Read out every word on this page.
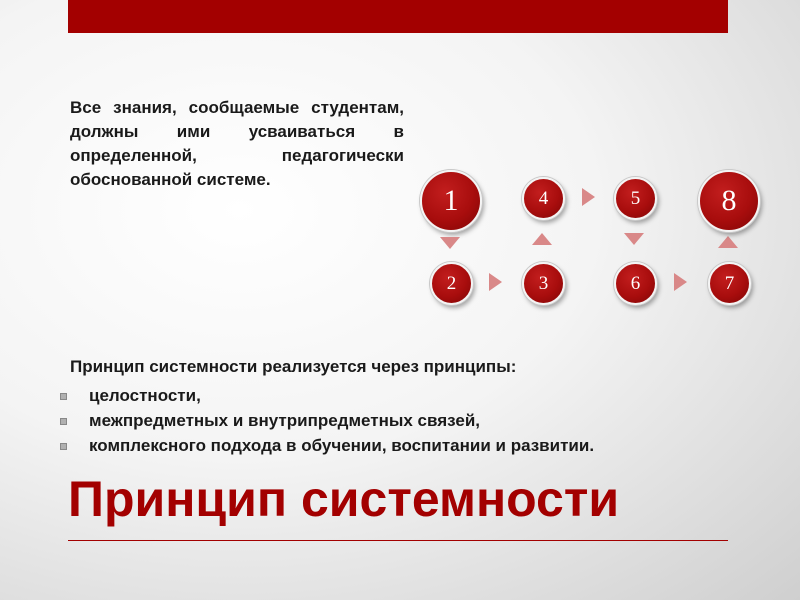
Все знания, сообщаемые студентам, должны ими усваиваться в определенной, педагогически обоснованной системе.

1
2	3
4	5
6	7
8

Принцип системности реализуется через принципы:

целостности,
межпредметных и внутрипредметных связей,
комплексного подхода в обучении, воспитании и развитии.
Принцип системности
